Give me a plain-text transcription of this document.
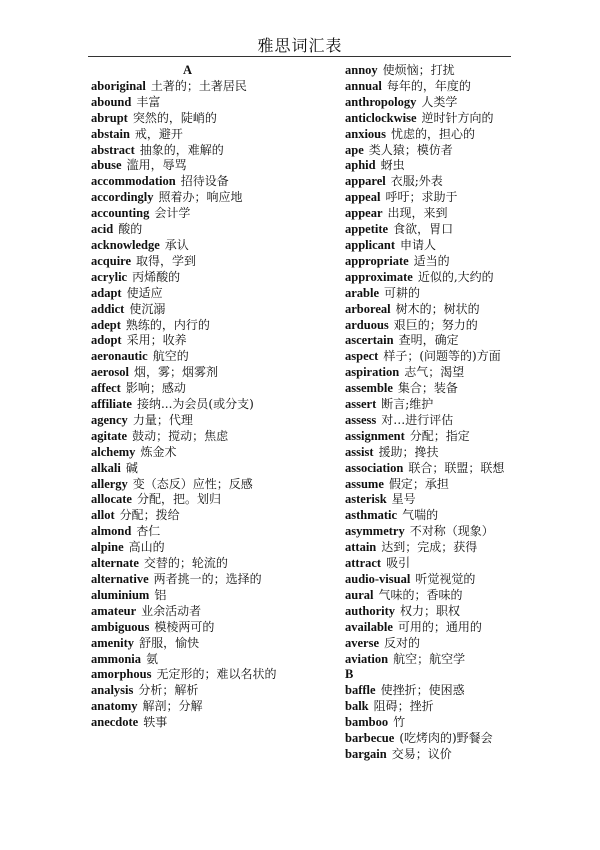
雅思词汇表
A
aboriginal 土著的；土著居民
abound 丰富
abrupt 突然的，陡峭的
abstain 戒，避开
abstract 抽象的，难解的
abuse 滥用，辱骂
accommodation 招待设备
accordingly 照着办；响应地
accounting 会计学
acid 酸的
acknowledge 承认
acquire 取得，学到
acrylic 丙烯酸的
adapt 使适应
addict 使沉溺
adept 熟练的，内行的
adopt 采用；收养
aeronautic 航空的
aerosol 烟，雾；烟雾剂
affect 影响；感动
affiliate 接纳...为会员(或分支)
agency 力量；代理
agitate 鼓动；搅动；焦虑
alchemy 炼金术
alkali 碱
allergy 变（态反）应性；反感
allocate 分配，把。划归
allot 分配；拨给
almond 杏仁
alpine 高山的
alternate 交替的；轮流的
alternative 两者挑一的；选择的
aluminium 铝
amateur 业余活动者
ambiguous 模棱两可的
amenity 舒服，愉快
ammonia 氨
amorphous 无定形的；难以名状的
analysis 分析；解析
anatomy 解剖；分解
anecdote 轶事
annoy 使烦恼；打扰
annual 每年的，年度的
anthropology 人类学
anticlockwise 逆时针方向的
anxious 忧虑的，担心的
ape 类人猿；模仿者
aphid 蚜虫
apparel 衣服;外表
appeal 呼吁；求助于
appear 出现，来到
appetite 食欲，胃口
applicant 申请人
appropriate 适当的
approximate 近似的,大约的
arable 可耕的
arboreal 树木的；树状的
arduous 艰巨的；努力的
ascertain 查明，确定
aspect 样子；(问题等的)方面
aspiration 志气；渴望
assemble 集合；装备
assert 断言;维护
assess 对…进行评估
assignment 分配；指定
assist 援助；搀扶
association 联合；联盟；联想
assume 假定；承担
asterisk 星号
asthmatic 气喘的
asymmetry 不对称（现象）
attain 达到；完成；获得
attract 吸引
audio-visual 听觉视觉的
aural 气味的；香味的
authority 权力；职权
available 可用的；通用的
averse 反对的
aviation 航空；航空学
B
baffle 使挫折；使困惑
balk 阻碍；挫折
bamboo 竹
barbecue (吃烤肉的)野餐会
bargain 交易；议价
